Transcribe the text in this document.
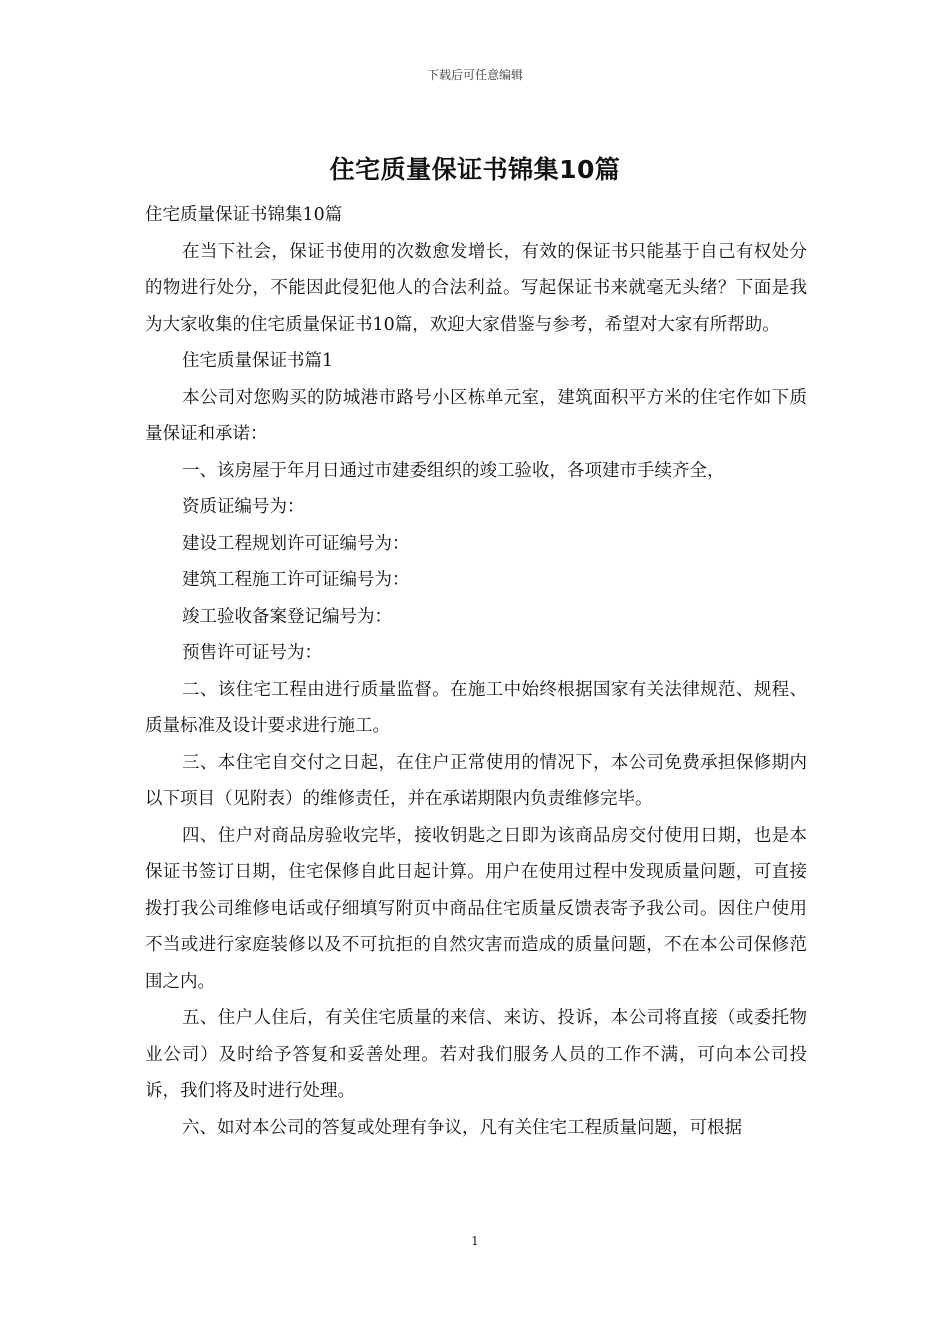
下载后可任意编辑
住宅质量保证书锦集10篇

住宅质量保证书锦集10篇

在当下社会，保证书使用的次数愈发增长，有效的保证书只能基于自己有权处分的物进行处分，不能因此侵犯他人的合法利益。写起保证书来就毫无头绪？下面是我为大家收集的住宅质量保证书10篇，欢迎大家借鉴与参考，希望对大家有所帮助。

住宅质量保证书篇1

本公司对您购买的防城港市路号小区栋单元室，建筑面积平方米的住宅作如下质量保证和承诺：

一、该房屋于年月日通过市建委组织的竣工验收，各项建市手续齐全，

资质证编号为：

建设工程规划许可证编号为：

建筑工程施工许可证编号为：

竣工验收备案登记编号为：

预售许可证号为：

二、该住宅工程由进行质量监督。在施工中始终根据国家有关法律规范、规程、质量标准及设计要求进行施工。

三、本住宅自交付之日起，在住户正常使用的情况下，本公司免费承担保修期内以下项目（见附表）的维修责任，并在承诺期限内负责维修完毕。

四、住户对商品房验收完毕，接收钥匙之日即为该商品房交付使用日期，也是本保证书签订日期，住宅保修自此日起计算。用户在使用过程中发现质量问题，可直接拨打我公司维修电话或仔细填写附页中商品住宅质量反馈表寄予我公司。因住户使用不当或进行家庭装修以及不可抗拒的自然灾害而造成的质量问题，不在本公司保修范围之内。

五、住户人住后，有关住宅质量的来信、来访、投诉，本公司将直接（或委托物业公司）及时给予答复和妥善处理。若对我们服务人员的工作不满，可向本公司投诉，我们将及时进行处理。

六、如对本公司的答复或处理有争议，凡有关住宅工程质量问题，可根据

1
